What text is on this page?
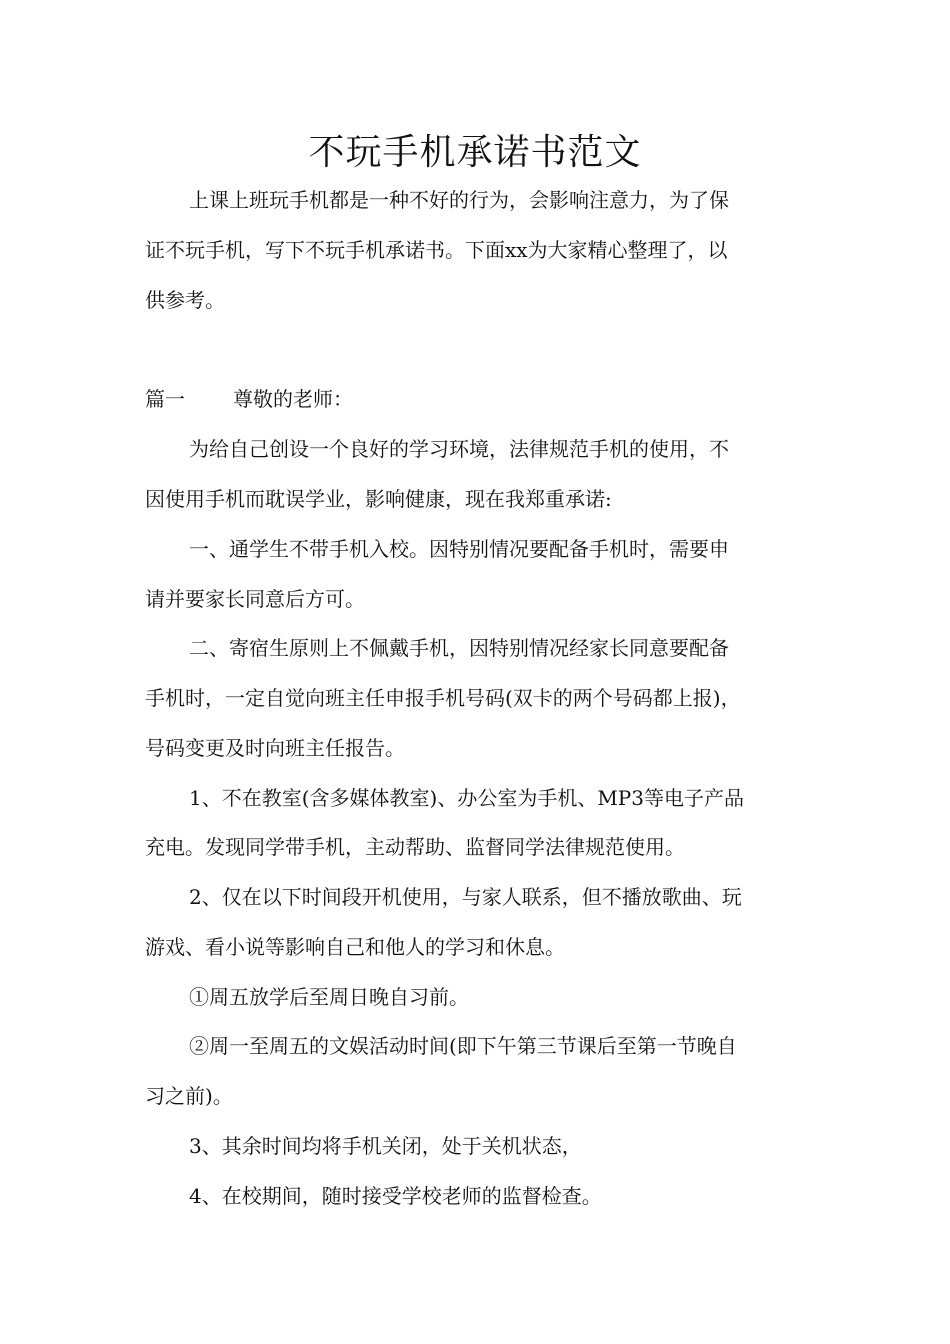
不玩手机承诺书范文
上课上班玩手机都是一种不好的行为，会影响注意力，为了保
证不玩手机，写下不玩手机承诺书。下面xx为大家精心整理了，以
供参考。
篇一 尊敬的老师：
为给自己创设一个良好的学习环境，法律规范手机的使用，不
因使用手机而耽误学业，影响健康，现在我郑重承诺:
一、通学生不带手机入校。因特别情况要配备手机时，需要申
请并要家长同意后方可。
二、寄宿生原则上不佩戴手机，因特别情况经家长同意要配备
手机时，一定自觉向班主任申报手机号码(双卡的两个号码都上报)，
号码变更及时向班主任报告。
1、不在教室(含多媒体教室)、办公室为手机、MP3等电子产品
充电。发现同学带手机，主动帮助、监督同学法律规范使用。
2、仅在以下时间段开机使用，与家人联系，但不播放歌曲、玩
游戏、看小说等影响自己和他人的学习和休息。
①周五放学后至周日晚自习前。
②周一至周五的文娱活动时间(即下午第三节课后至第一节晚自
习之前)。
3、其余时间均将手机关闭，处于关机状态，
4、在校期间，随时接受学校老师的监督检查。
